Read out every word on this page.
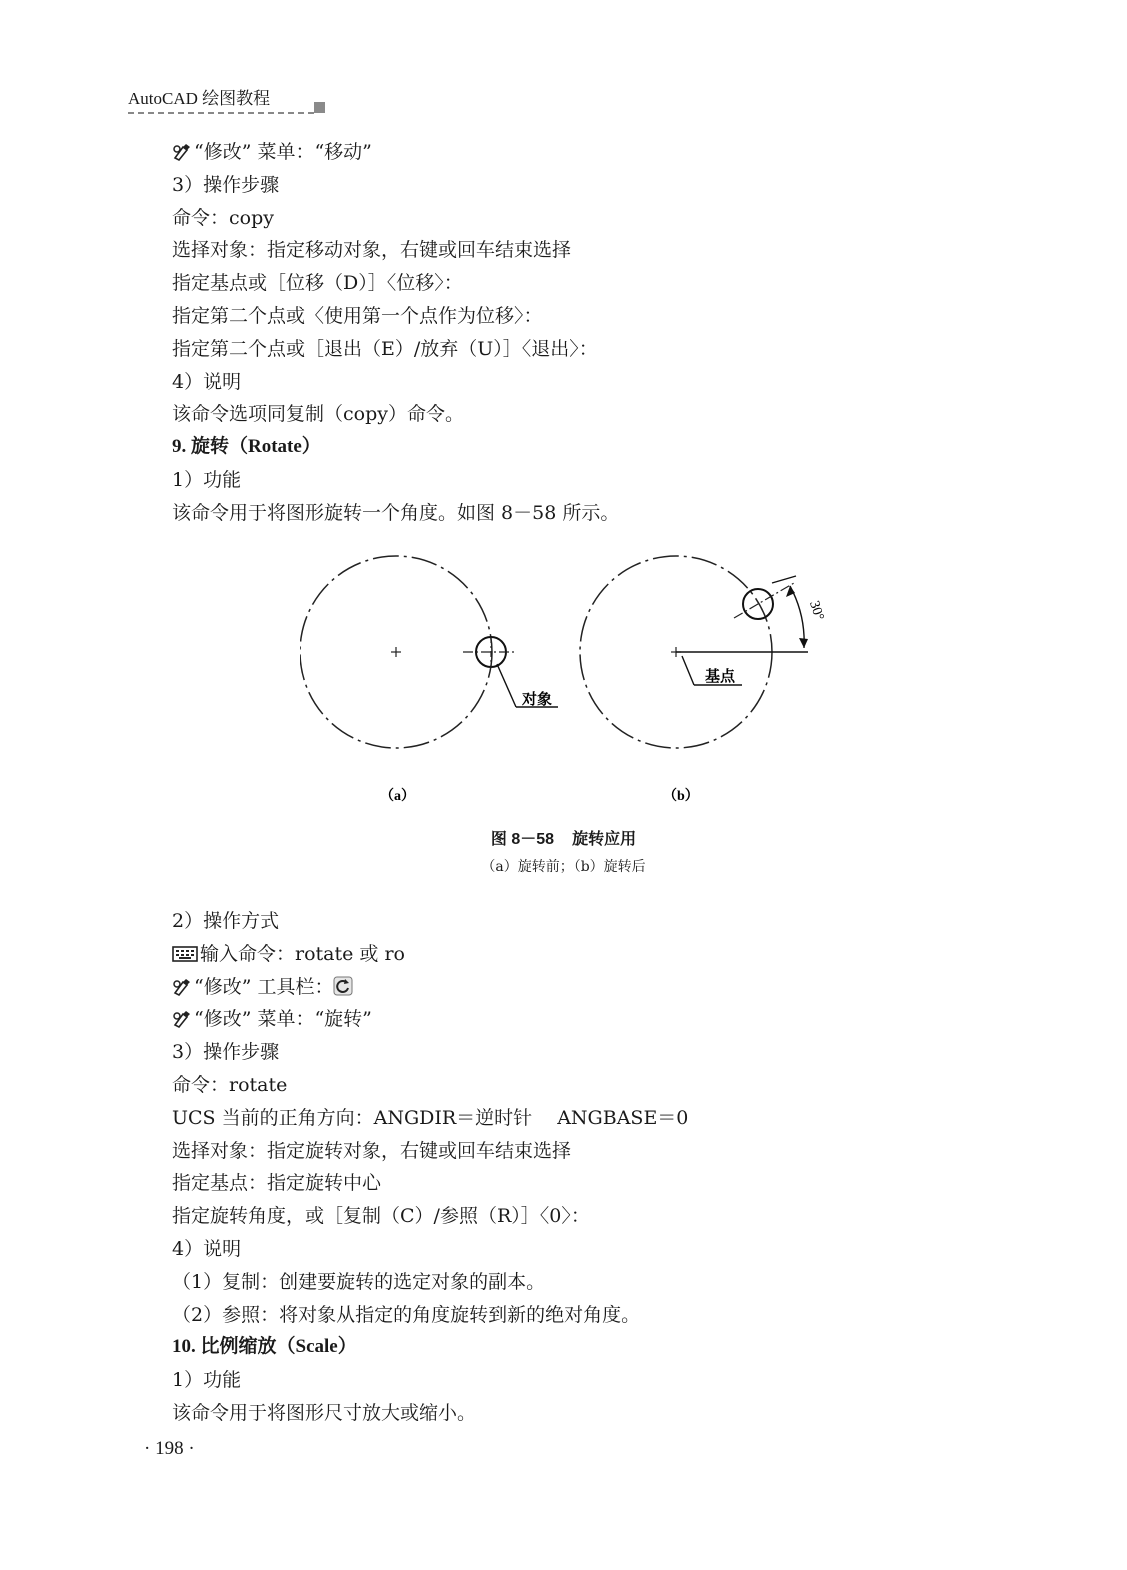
AutoCAD 绘图教程
“修改” 菜单：“移动”
3）操作步骤
命令：copy
选择对象：指定移动对象，右键或回车结束选择
指定基点或［位移（D）］〈位移〉：
指定第二个点或〈使用第一个点作为位移〉：
指定第二个点或［退出（E）/放弃（U）］〈退出〉：
4）说明
该命令选项同复制（copy）命令。
9. 旋转（Rotate）
1）功能
该命令用于将图形旋转一个角度。如图 8－58 所示。
对象
（a）
30°
基点
（b）
图 8－58 旋转应用
（a）旋转前；（b）旋转后
2）操作方式
输入命令：rotate 或 ro
“修改” 工具栏：
“修改” 菜单：“旋转”
3）操作步骤
命令：rotate
UCS 当前的正角方向：ANGDIR＝逆时针　 ANGBASE＝0
选择对象：指定旋转对象，右键或回车结束选择
指定基点：指定旋转中心
指定旋转角度，或［复制（C）/参照（R）］〈0〉：
4）说明
（1）复制：创建要旋转的选定对象的副本。
（2）参照：将对象从指定的角度旋转到新的绝对角度。
10. 比例缩放（Scale）
1）功能
该命令用于将图形尺寸放大或缩小。
· 198 ·
